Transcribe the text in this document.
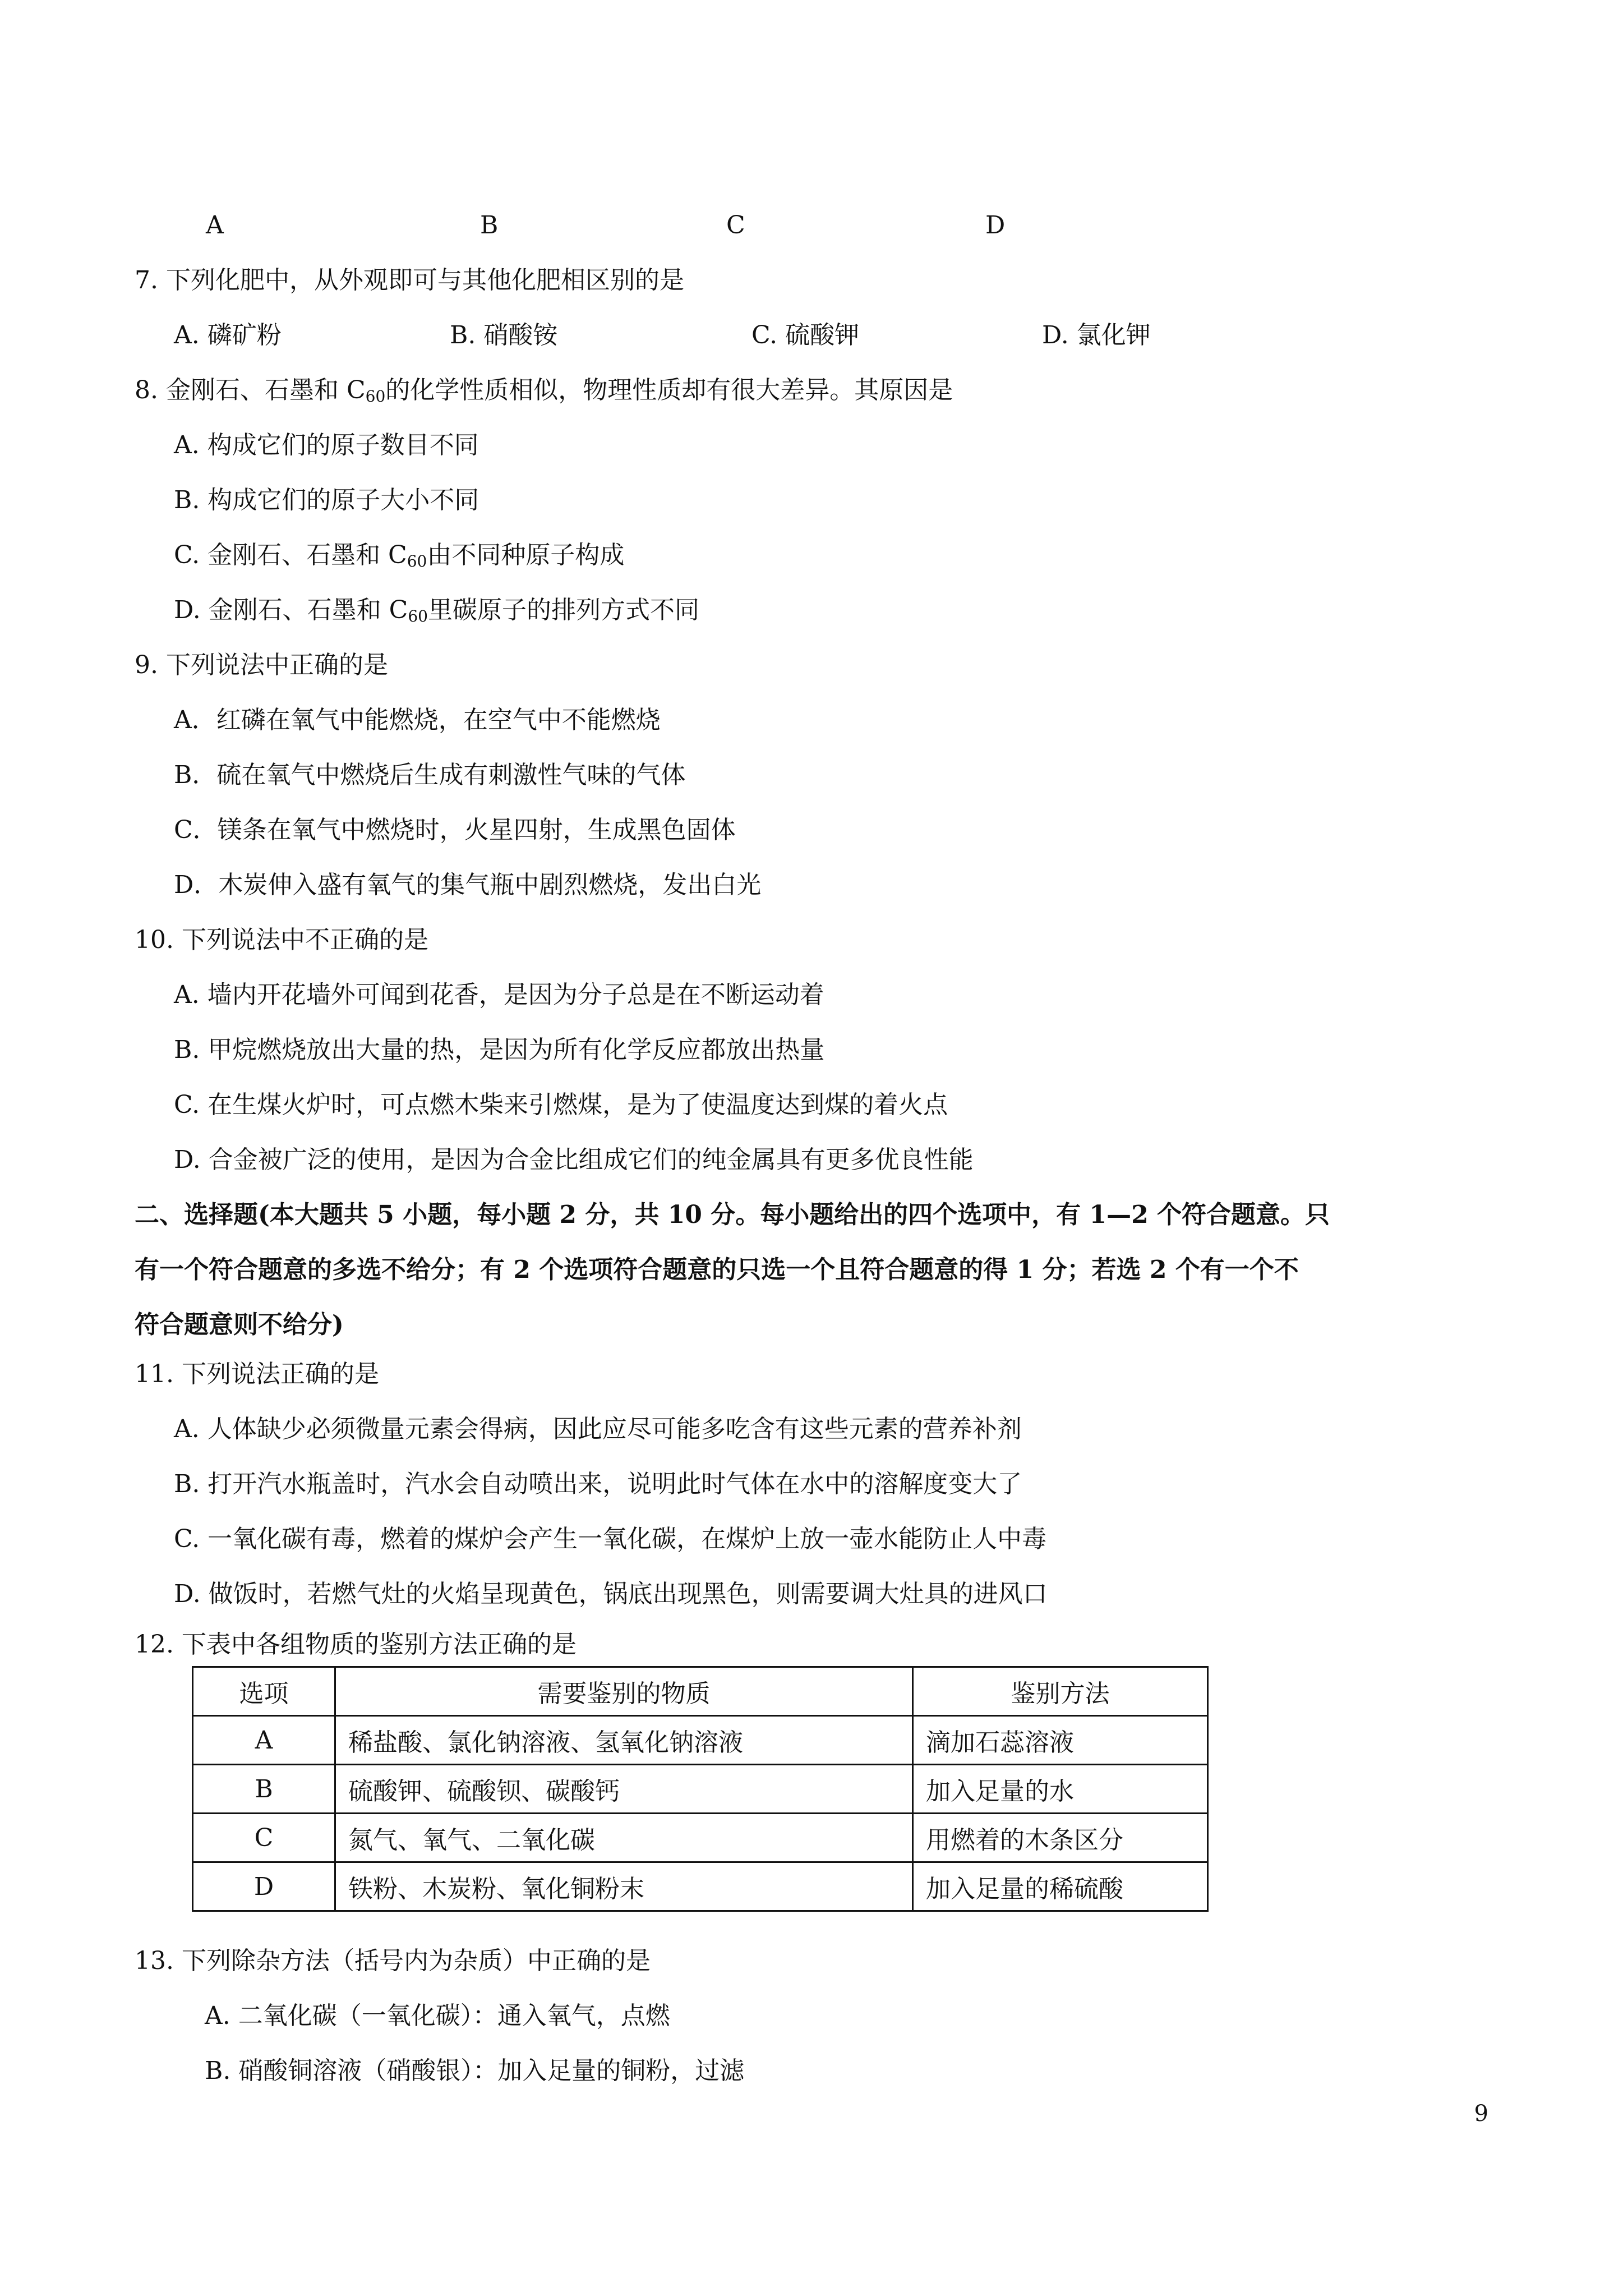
A	B	C	D
7. 下列化肥中，从外观即可与其他化肥相区别的是
A. 磷矿粉	B. 硝酸铵	C. 硫酸钾	D. 氯化钾
8. 金刚石、石墨和 $C_{60}$的化学性质相似，物理性质却有很大差异。其原因是
A. 构成它们的原子数目不同
B. 构成它们的原子大小不同
C. 金刚石、石墨和 $C_{60}$由不同种原子构成
D. 金刚石、石墨和 $C_{60}$里碳原子的排列方式不同
9. 下列说法中正确的是
A．红磷在氧气中能燃烧，在空气中不能燃烧
B．硫在氧气中燃烧后生成有刺激性气味的气体
C．镁条在氧气中燃烧时，火星四射，生成黑色固体
D．木炭伸入盛有氧气的集气瓶中剧烈燃烧，发出白光
10. 下列说法中不正确的是
A. 墙内开花墙外可闻到花香，是因为分子总是在不断运动着
B. 甲烷燃烧放出大量的热，是因为所有化学反应都放出热量
C. 在生煤火炉时，可点燃木柴来引燃煤，是为了使温度达到煤的着火点
D. 合金被广泛的使用，是因为合金比组成它们的纯金属具有更多优良性能
二、选择题(本大题共 5 小题，每小题 2 分，共 10 分。每小题给出的四个选项中，有 1—2 个符合题意。只
有一个符合题意的多选不给分；有 2 个选项符合题意的只选一个且符合题意的得 1 分；若选 2 个有一个不
符合题意则不给分)
11. 下列说法正确的是
A. 人体缺少必须微量元素会得病，因此应尽可能多吃含有这些元素的营养补剂
B. 打开汽水瓶盖时，汽水会自动喷出来，说明此时气体在水中的溶解度变大了
C. 一氧化碳有毒，燃着的煤炉会产生一氧化碳，在煤炉上放一壶水能防止人中毒
D. 做饭时，若燃气灶的火焰呈现黄色，锅底出现黑色，则需要调大灶具的进风口
12. 下表中各组物质的鉴别方法正确的是
选项	需要鉴别的物质	鉴别方法
A	稀盐酸、氯化钠溶液、氢氧化钠溶液	滴加石蕊溶液
B	硫酸钾、硫酸钡、碳酸钙	加入足量的水
C	氮气、氧气、二氧化碳	用燃着的木条区分
D	铁粉、木炭粉、氧化铜粉末	加入足量的稀硫酸
13. 下列除杂方法（括号内为杂质）中正确的是
A. 二氧化碳（一氧化碳）：通入氧气，点燃
B. 硝酸铜溶液（硝酸银）：加入足量的铜粉，过滤
9
